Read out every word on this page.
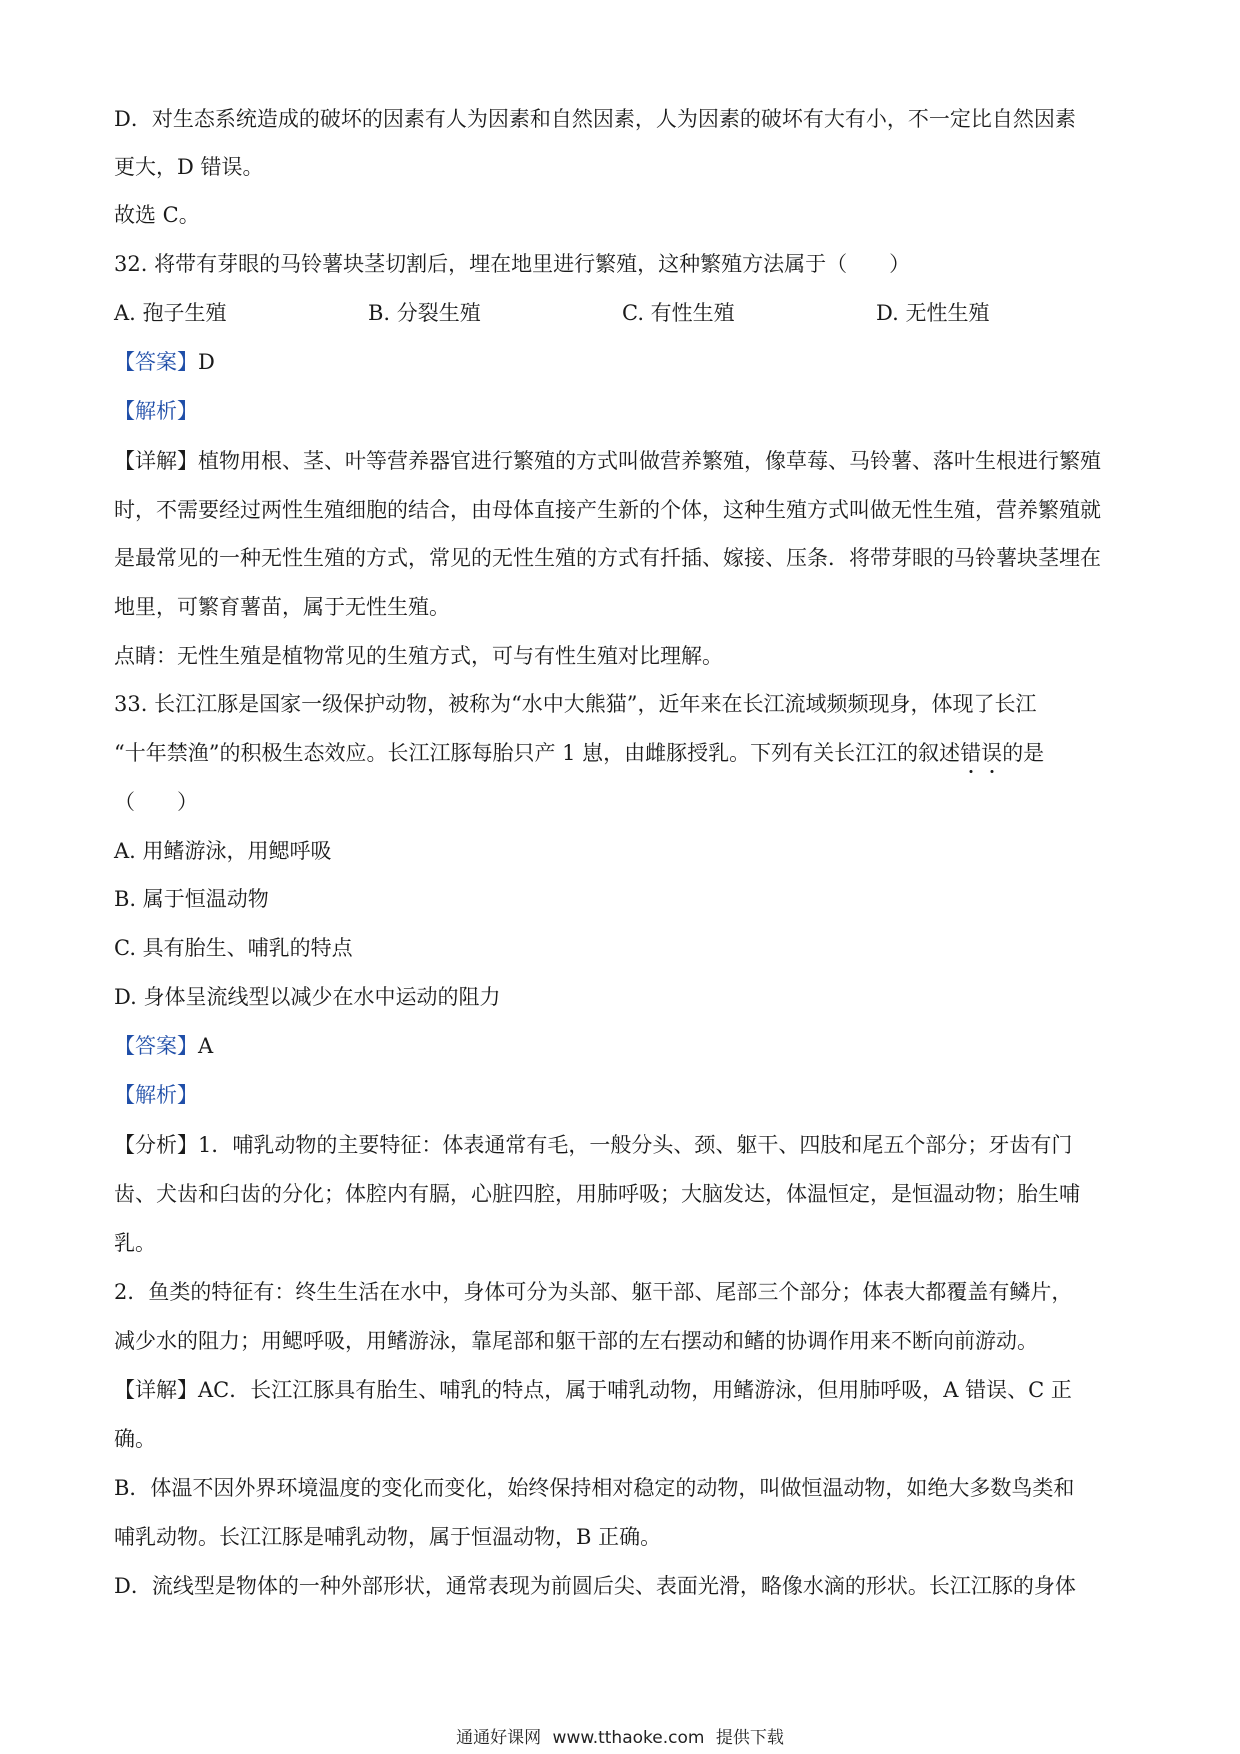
D．对生态系统造成的破坏的因素有人为因素和自然因素，人为因素的破坏有大有小，不一定比自然因素

更大，D 错误。

故选 C。

32. 将带有芽眼的马铃薯块茎切割后，埋在地里进行繁殖，这种繁殖方法属于（　　）

A. 孢子生殖	B. 分裂生殖	C. 有性生殖	D. 无性生殖

【答案】D

【解析】

【详解】植物用根、茎、叶等营养器官进行繁殖的方式叫做营养繁殖，像草莓、马铃薯、落叶生根进行繁殖

时，不需要经过两性生殖细胞的结合，由母体直接产生新的个体，这种生殖方式叫做无性生殖，营养繁殖就

是最常见的一种无性生殖的方式，常见的无性生殖的方式有扦插、嫁接、压条．将带芽眼的马铃薯块茎埋在

地里，可繁育薯苗，属于无性生殖。

点睛：无性生殖是植物常见的生殖方式，可与有性生殖对比理解。

33. 长江江豚是国家一级保护动物，被称为“水中大熊猫”，近年来在长江流域频频现身，体现了长江

“十年禁渔”的积极生态效应。长江江豚每胎只产 1 崽，由雌豚授乳。下列有关长江江的叙述错误
的是

（　　）

A. 用鳍游泳，用鳃呼吸

B. 属于恒温动物

C. 具有胎生、哺乳的特点

D. 身体呈流线型以减少在水中运动的阻力

【答案】A

【解析】

【分析】1．哺乳动物的主要特征：体表通常有毛，一般分头、颈、躯干、四肢和尾五个部分；牙齿有门

齿、犬齿和臼齿的分化；体腔内有膈，心脏四腔，用肺呼吸；大脑发达，体温恒定，是恒温动物；胎生哺

乳。

2．鱼类的特征有：终生生活在水中，身体可分为头部、躯干部、尾部三个部分；体表大都覆盖有鳞片，

减少水的阻力；用鳃呼吸，用鳍游泳，靠尾部和躯干部的左右摆动和鳍的协调作用来不断向前游动。

【详解】AC．长江江豚具有胎生、哺乳的特点，属于哺乳动物，用鳍游泳，但用肺呼吸，A 错误、C 正

确。

B．体温不因外界环境温度的变化而变化，始终保持相对稳定的动物，叫做恒温动物，如绝大多数鸟类和

哺乳动物。长江江豚是哺乳动物，属于恒温动物，B 正确。

D．流线型是物体的一种外部形状，通常表现为前圆后尖、表面光滑，略像水滴的形状。长江江豚的身体

通通好课网 www.tthaoke.com 提供下载
